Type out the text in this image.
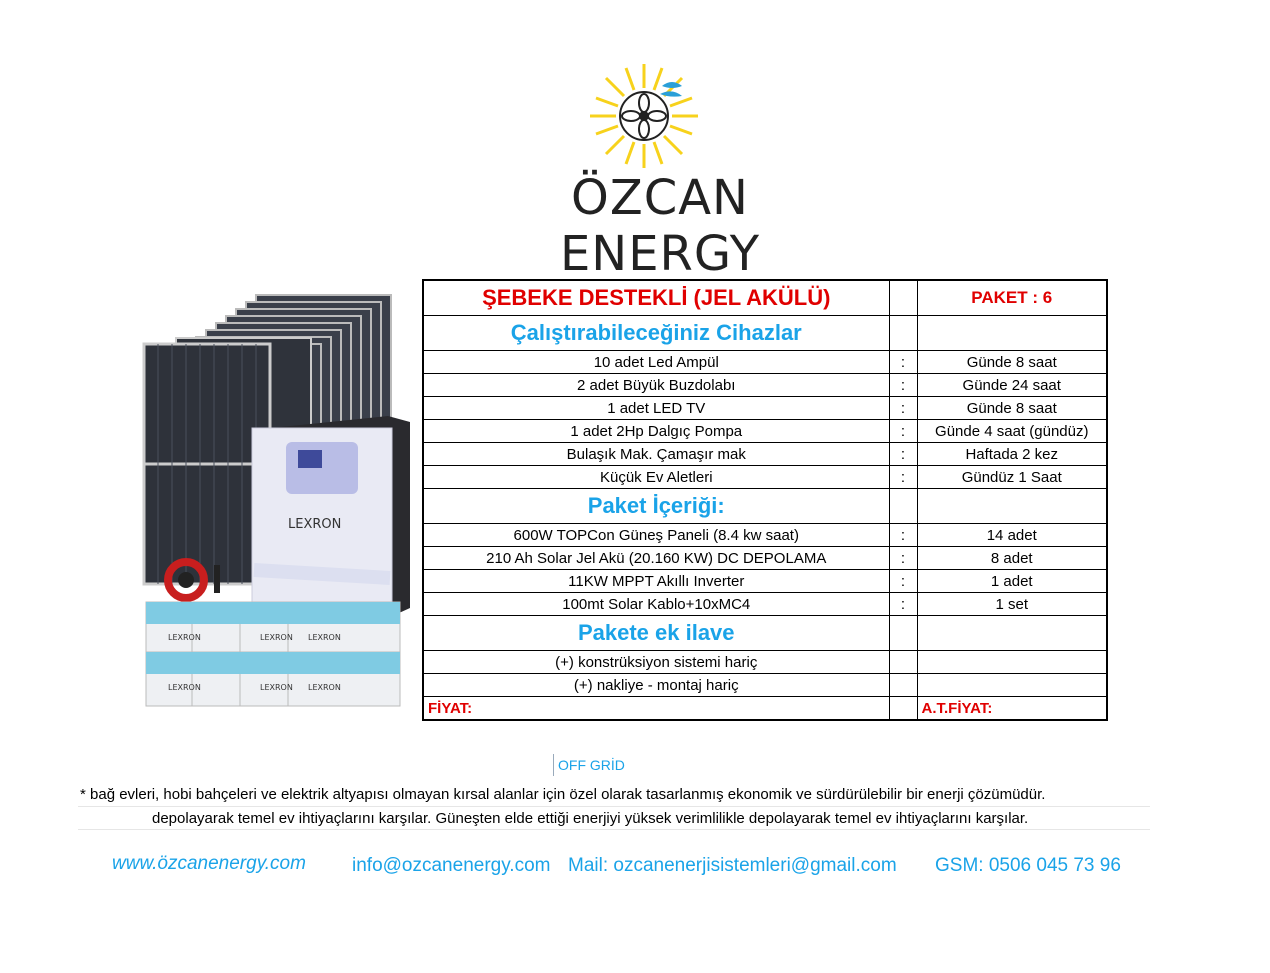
ÖZCAN ENERGY
LEXRON
LEXRON	LEXRON LEXRON
LEXRON	LEXRON LEXRON
ŞEBEKE DESTEKLİ (JEL AKÜLÜ)		PAKET : 6
Çalıştırabileceğiniz Cihazlar		
10 adet Led Ampül	:	Günde 8 saat
2 adet Büyük Buzdolabı	:	Günde 24 saat
1 adet LED TV	:	Günde 8 saat
1 adet 2Hp Dalgıç Pompa	:	Günde 4 saat (gündüz)
Bulaşık Mak. Çamaşır mak	:	Haftada 2 kez
Küçük Ev Aletleri	:	Gündüz 1 Saat
Paket İçeriği:		
600W TOPCon Güneş Paneli (8.4 kw saat)	:	14 adet
210 Ah Solar Jel Akü (20.160 KW) DC DEPOLAMA	:	8 adet
11KW MPPT Akıllı Inverter	:	1 adet
100mt Solar Kablo+10xMC4	:	1 set
Pakete ek ilave		
(+) konstrüksiyon sistemi hariç		
(+) nakliye - montaj hariç		
FİYAT:		A.T.FİYAT:
OFF GRİD
* bağ evleri, hobi bahçeleri ve elektrik altyapısı olmayan kırsal alanlar için özel olarak tasarlanmış ekonomik ve sürdürülebilir bir enerji çözümüdür.
depolayarak temel ev ihtiyaçlarını karşılar. Güneşten elde ettiği enerjiyi yüksek verimlilikle depolayarak temel ev ihtiyaçlarını karşılar.
www.özcanenergy.com info@ozcanenergy.com Mail: ozcanenerjisistemleri@gmail.com GSM: 0506 045 73 96
